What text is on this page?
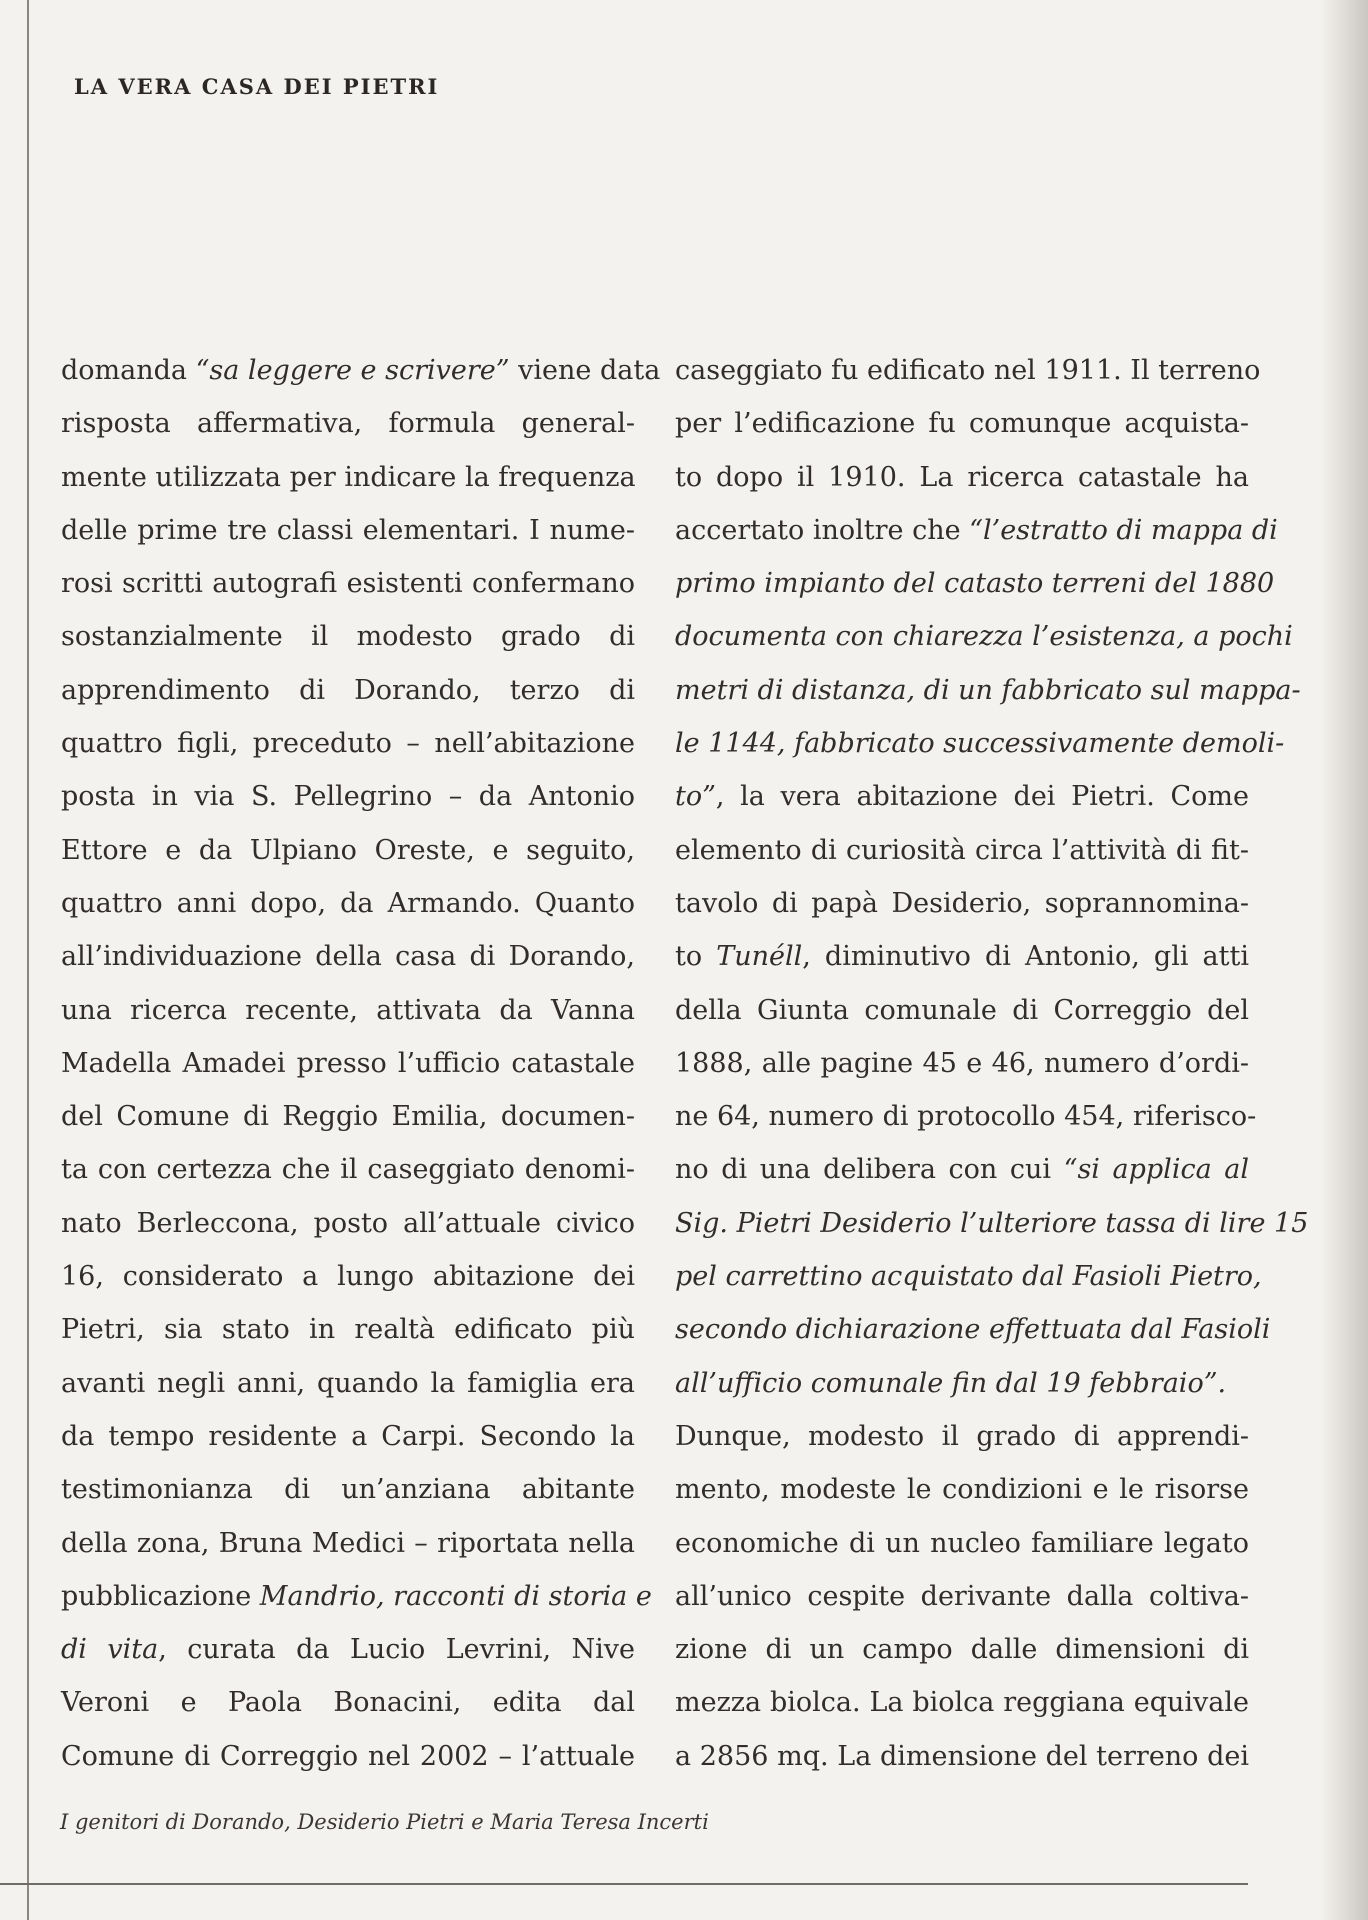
LA VERA CASA DEI PIETRI
domanda “sa leggere e scrivere” viene data
risposta affermativa, formula general-
mente utilizzata per indicare la frequenza
delle prime tre classi elementari. I nume-
rosi scritti autografi esistenti confermano
sostanzialmente il modesto grado di
apprendimento di Dorando, terzo di
quattro figli, preceduto – nell’abitazione
posta in via S. Pellegrino – da Antonio
Ettore e da Ulpiano Oreste, e seguito,
quattro anni dopo, da Armando. Quanto
all’individuazione della casa di Dorando,
una ricerca recente, attivata da Vanna
Madella Amadei presso l’ufficio catastale
del Comune di Reggio Emilia, documen-
ta con certezza che il caseggiato denomi-
nato Berleccona, posto all’attuale civico
16, considerato a lungo abitazione dei
Pietri, sia stato in realtà edificato più
avanti negli anni, quando la famiglia era
da tempo residente a Carpi. Secondo la
testimonianza di un’anziana abitante
della zona, Bruna Medici – riportata nella
pubblicazione Mandrio, racconti di storia e
di vita, curata da Lucio Levrini, Nive
Veroni e Paola Bonacini, edita dal
Comune di Correggio nel 2002 – l’attuale
caseggiato fu edificato nel 1911. Il terreno
per l’edificazione fu comunque acquista-
to dopo il 1910. La ricerca catastale ha
accertato inoltre che “l’estratto di mappa di
primo impianto del catasto terreni del 1880
documenta con chiarezza l’esistenza, a pochi
metri di distanza, di un fabbricato sul mappa-
le 1144, fabbricato successivamente demoli-
to”, la vera abitazione dei Pietri. Come
elemento di curiosità circa l’attività di fit-
tavolo di papà Desiderio, soprannomina-
to Tunéll, diminutivo di Antonio, gli atti
della Giunta comunale di Correggio del
1888, alle pagine 45 e 46, numero d’ordi-
ne 64, numero di protocollo 454, riferisco-
no di una delibera con cui “si applica al
Sig. Pietri Desiderio l’ulteriore tassa di lire 15
pel carrettino acquistato dal Fasioli Pietro,
secondo dichiarazione effettuata dal Fasioli
all’ufficio comunale fin dal 19 febbraio”.
Dunque, modesto il grado di apprendi-
mento, modeste le condizioni e le risorse
economiche di un nucleo familiare legato
all’unico cespite derivante dalla coltiva-
zione di un campo dalle dimensioni di
mezza biolca. La biolca reggiana equivale
a 2856 mq. La dimensione del terreno dei
I genitori di Dorando, Desiderio Pietri e Maria Teresa Incerti
